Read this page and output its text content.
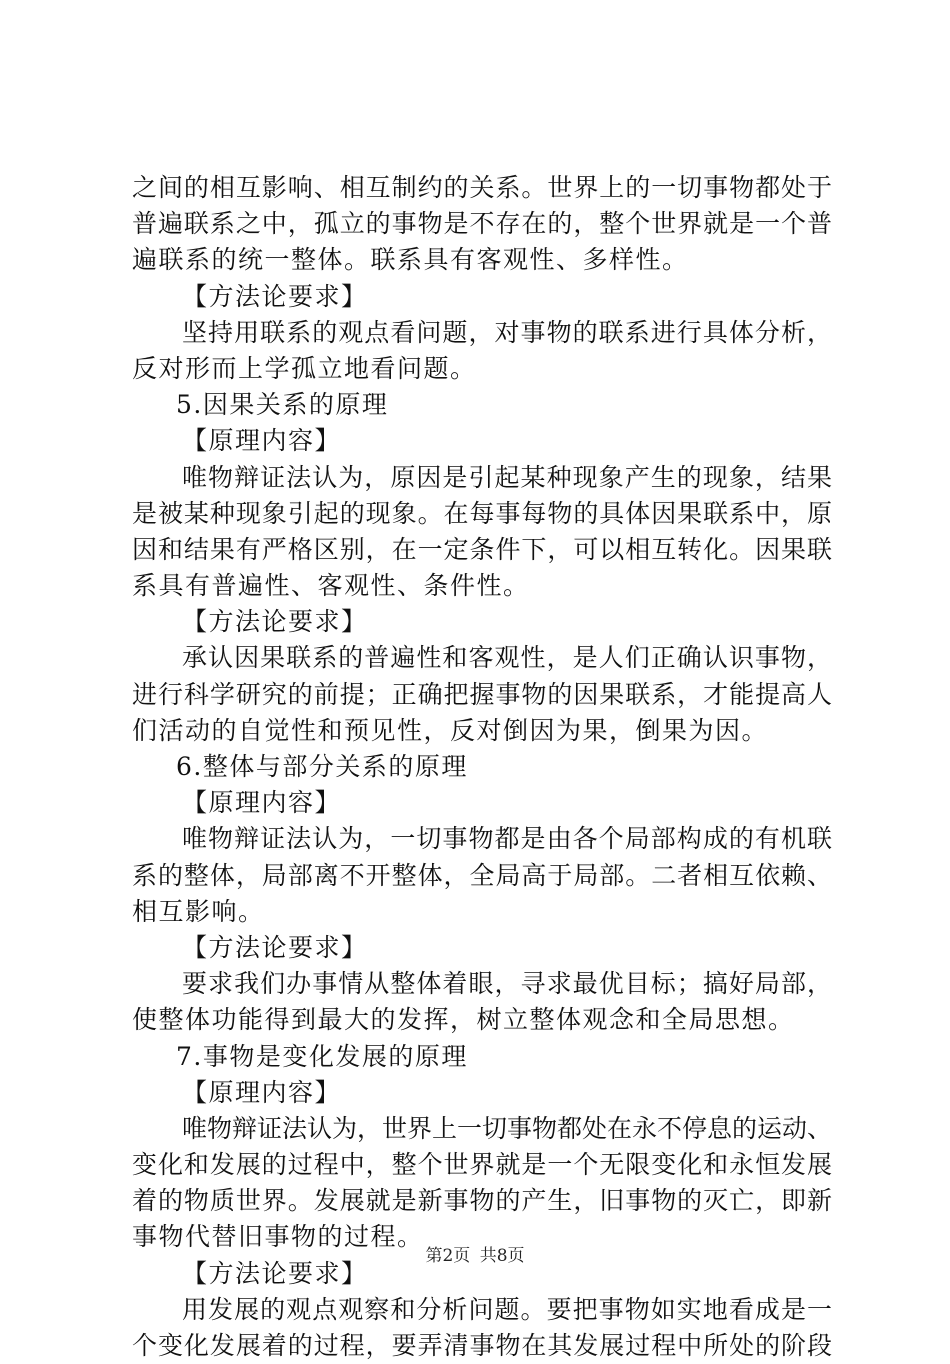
之间的相互影响、相互制约的关系。世界上的一切事物都处于
普遍联系之中，孤立的事物是不存在的，整个世界就是一个普
遍联系的统一整体。联系具有客观性、多样性。
【方法论要求】
坚持用联系的观点看问题，对事物的联系进行具体分析，
反对形而上学孤立地看问题。
5.因果关系的原理
【原理内容】
唯物辩证法认为，原因是引起某种现象产生的现象，结果
是被某种现象引起的现象。在每事每物的具体因果联系中，原
因和结果有严格区别，在一定条件下，可以相互转化。因果联
系具有普遍性、客观性、条件性。
【方法论要求】
承认因果联系的普遍性和客观性，是人们正确认识事物，
进行科学研究的前提；正确把握事物的因果联系，才能提高人
们活动的自觉性和预见性，反对倒因为果，倒果为因。
6.整体与部分关系的原理
【原理内容】
唯物辩证法认为，一切事物都是由各个局部构成的有机联
系的整体，局部离不开整体，全局高于局部。二者相互依赖、
相互影响。
【方法论要求】
要求我们办事情从整体着眼，寻求最优目标；搞好局部，
使整体功能得到最大的发挥，树立整体观念和全局思想。
7.事物是变化发展的原理
【原理内容】
唯物辩证法认为，世界上一切事物都处在永不停息的运动、
变化和发展的过程中，整个世界就是一个无限变化和永恒发展
着的物质世界。发展就是新事物的产生，旧事物的灭亡，即新
事物代替旧事物的过程。
【方法论要求】
用发展的观点观察和分析问题。要把事物如实地看成是一
个变化发展着的过程，要弄清事物在其发展过程中所处的阶段
第2页 共8页
